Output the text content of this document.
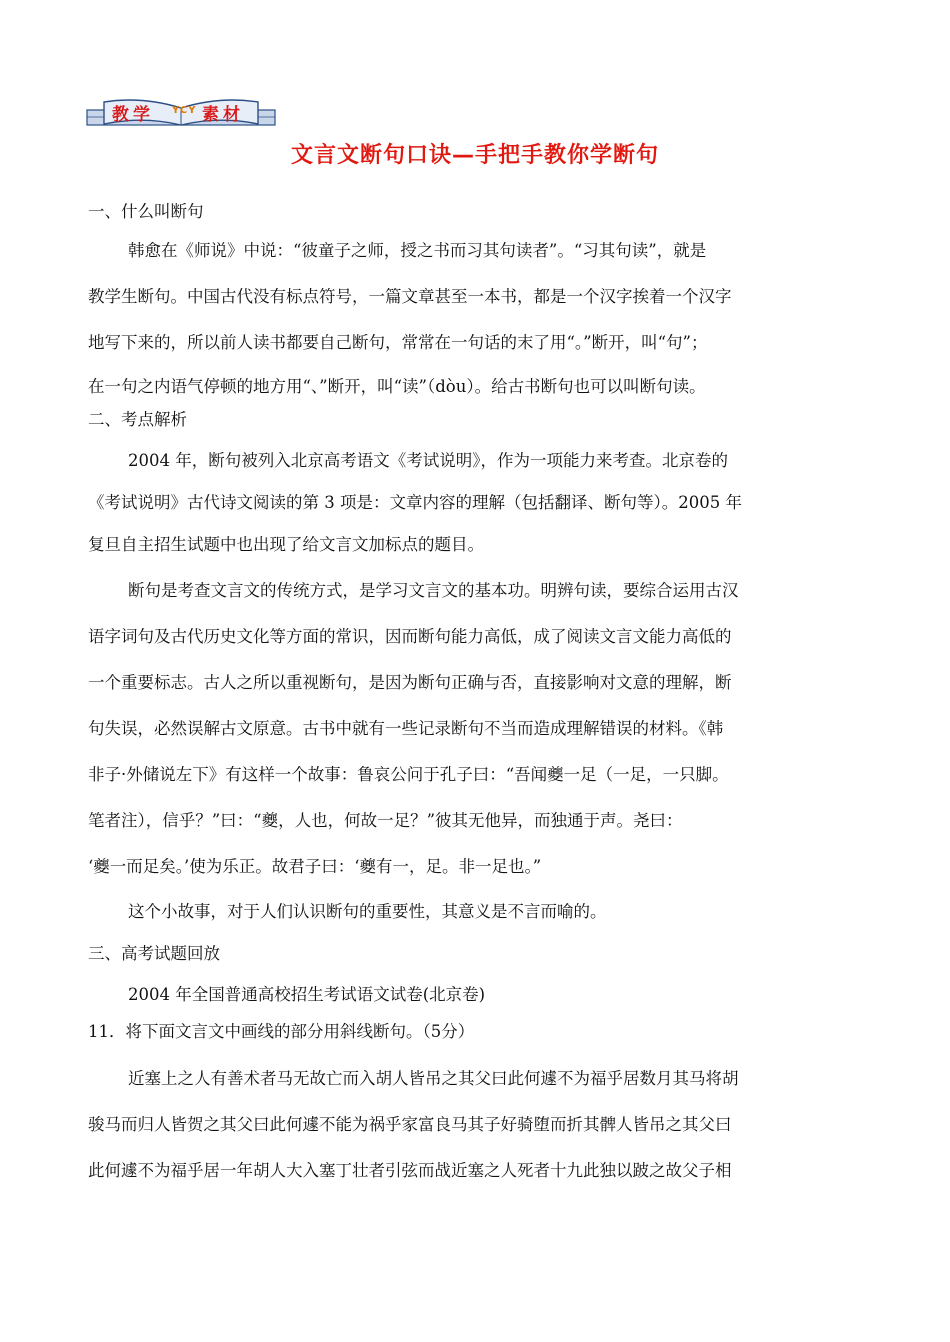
教学 YCY 素材
文言文断句口诀—手把手教你学断句
一、什么叫断句

韩愈在《师说》中说：“彼童子之师，授之书而习其句读者”。“习其句读”，就是

教学生断句。中国古代没有标点符号，一篇文章甚至一本书，都是一个汉字挨着一个汉字

地写下来的，所以前人读书都要自己断句，常常在一句话的末了用“。”断开，叫“句”；

在一句之内语气停顿的地方用“、”断开，叫“读”（dòu）。给古书断句也可以叫断句读。

二、考点解析

2004 年，断句被列入北京高考语文《考试说明》，作为一项能力来考查。北京卷的

《考试说明》古代诗文阅读的第 3 项是：文章内容的理解（包括翻译、断句等）。2005 年

复旦自主招生试题中也出现了给文言文加标点的题目。

断句是考查文言文的传统方式，是学习文言文的基本功。明辨句读，要综合运用古汉

语字词句及古代历史文化等方面的常识，因而断句能力高低，成了阅读文言文能力高低的

一个重要标志。古人之所以重视断句，是因为断句正确与否，直接影响对文意的理解，断

句失误，必然误解古文原意。古书中就有一些记录断句不当而造成理解错误的材料。《韩

非子·外储说左下》有这样一个故事：鲁哀公问于孔子曰：“吾闻夔一足（一足，一只脚。

笔者注），信乎？”曰：“夔，人也，何故一足？”彼其无他异，而独通于声。尧曰：

‘夔一而足矣。’使为乐正。故君子曰：‘夔有一，足。非一足也。”

这个小故事，对于人们认识断句的重要性，其意义是不言而喻的。
三、高考试题回放
2004 年全国普通高校招生考试语文试卷(北京卷)
11．将下面文言文中画线的部分用斜线断句。（5分）

近塞上之人有善术者马无故亡而入胡人皆吊之其父曰此何遽不为福乎居数月其马将胡

骏马而归人皆贺之其父曰此何遽不能为祸乎家富良马其子好骑堕而折其髀人皆吊之其父曰

此何遽不为福乎居一年胡人大入塞丁壮者引弦而战近塞之人死者十九此独以跛之故父子相
